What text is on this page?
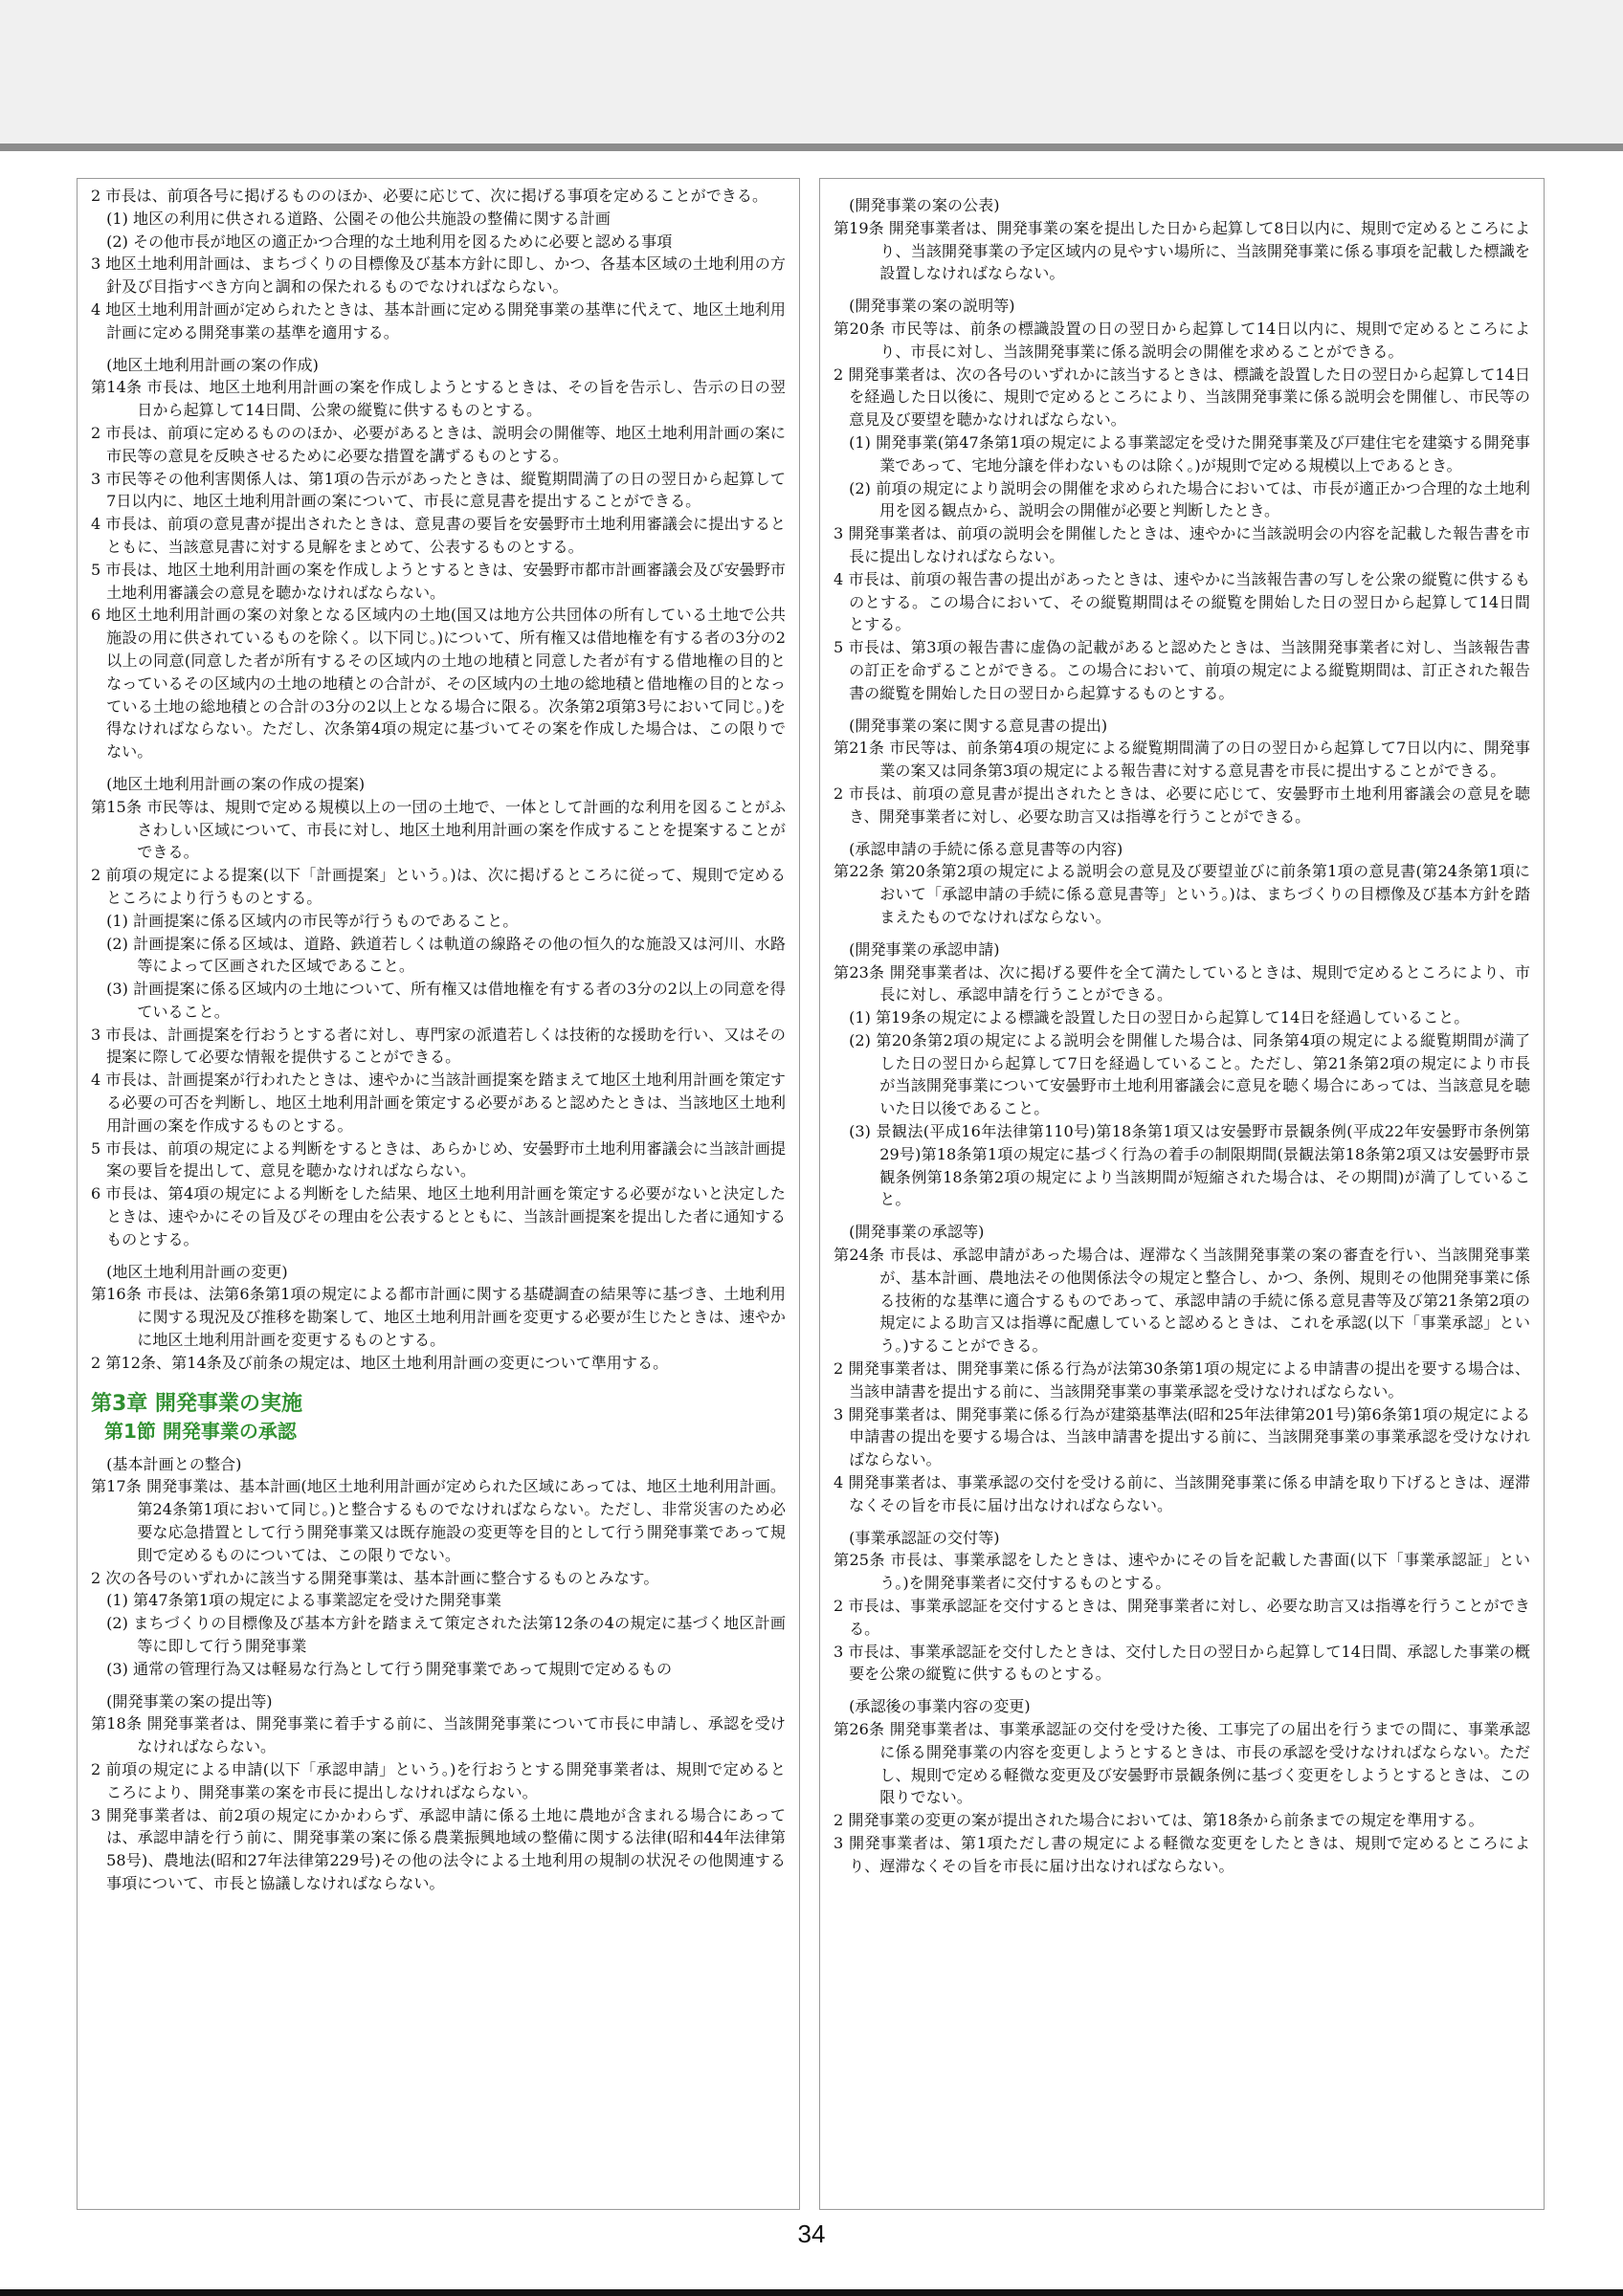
2 市長は、前項各号に掲げるもののほか、必要に応じて、次に掲げる事項を定めることができる。
(1) 地区の利用に供される道路、公園その他公共施設の整備に関する計画
(2) その他市長が地区の適正かつ合理的な土地利用を図るために必要と認める事項
3 地区土地利用計画は、まちづくりの目標像及び基本方針に即し、かつ、各基本区域の土地利用の方針及び目指すべき方向と調和の保たれるものでなければならない。
4 地区土地利用計画が定められたときは、基本計画に定める開発事業の基準に代えて、地区土地利用計画に定める開発事業の基準を適用する。
(地区土地利用計画の案の作成)
第14条 市長は、地区土地利用計画の案を作成しようとするときは、その旨を告示し、告示の日の翌日から起算して14日間、公衆の縦覧に供するものとする。
2 市長は、前項に定めるもののほか、必要があるときは、説明会の開催等、地区土地利用計画の案に市民等の意見を反映させるために必要な措置を講ずるものとする。
3 市民等その他利害関係人は、第1項の告示があったときは、縦覧期間満了の日の翌日から起算して7日以内に、地区土地利用計画の案について、市長に意見書を提出することができる。
4 市長は、前項の意見書が提出されたときは、意見書の要旨を安曇野市土地利用審議会に提出するとともに、当該意見書に対する見解をまとめて、公表するものとする。
5 市長は、地区土地利用計画の案を作成しようとするときは、安曇野市都市計画審議会及び安曇野市土地利用審議会の意見を聴かなければならない。
6 地区土地利用計画の案の対象となる区域内の土地(国又は地方公共団体の所有している土地で公共施設の用に供されているものを除く。以下同じ。)について、所有権又は借地権を有する者の3分の2以上の同意(同意した者が所有するその区域内の土地の地積と同意した者が有する借地権の目的となっているその区域内の土地の地積との合計が、その区域内の土地の総地積と借地権の目的となっている土地の総地積との合計の3分の2以上となる場合に限る。次条第2項第3号において同じ。)を得なければならない。ただし、次条第4項の規定に基づいてその案を作成した場合は、この限りでない。
(地区土地利用計画の案の作成の提案)
第15条 市民等は、規則で定める規模以上の一団の土地で、一体として計画的な利用を図ることがふさわしい区域について、市長に対し、地区土地利用計画の案を作成することを提案することができる。
2 前項の規定による提案(以下「計画提案」という。)は、次に掲げるところに従って、規則で定めるところにより行うものとする。
(1) 計画提案に係る区域内の市民等が行うものであること。
(2) 計画提案に係る区域は、道路、鉄道若しくは軌道の線路その他の恒久的な施設又は河川、水路等によって区画された区域であること。
(3) 計画提案に係る区域内の土地について、所有権又は借地権を有する者の3分の2以上の同意を得ていること。
3 市長は、計画提案を行おうとする者に対し、専門家の派遣若しくは技術的な援助を行い、又はその提案に際して必要な情報を提供することができる。
4 市長は、計画提案が行われたときは、速やかに当該計画提案を踏まえて地区土地利用計画を策定する必要の可否を判断し、地区土地利用計画を策定する必要があると認めたときは、当該地区土地利用計画の案を作成するものとする。
5 市長は、前項の規定による判断をするときは、あらかじめ、安曇野市土地利用審議会に当該計画提案の要旨を提出して、意見を聴かなければならない。
6 市長は、第4項の規定による判断をした結果、地区土地利用計画を策定する必要がないと決定したときは、速やかにその旨及びその理由を公表するとともに、当該計画提案を提出した者に通知するものとする。
(地区土地利用計画の変更)
第16条 市長は、法第6条第1項の規定による都市計画に関する基礎調査の結果等に基づき、土地利用に関する現況及び推移を勘案して、地区土地利用計画を変更する必要が生じたときは、速やかに地区土地利用計画を変更するものとする。
2 第12条、第14条及び前条の規定は、地区土地利用計画の変更について準用する。
第3章 開発事業の実施
第1節 開発事業の承認
(基本計画との整合)
第17条 開発事業は、基本計画(地区土地利用計画が定められた区域にあっては、地区土地利用計画。第24条第1項において同じ。)と整合するものでなければならない。ただし、非常災害のため必要な応急措置として行う開発事業又は既存施設の変更等を目的として行う開発事業であって規則で定めるものについては、この限りでない。
2 次の各号のいずれかに該当する開発事業は、基本計画に整合するものとみなす。
(1) 第47条第1項の規定による事業認定を受けた開発事業
(2) まちづくりの目標像及び基本方針を踏まえて策定された法第12条の4の規定に基づく地区計画等に即して行う開発事業
(3) 通常の管理行為又は軽易な行為として行う開発事業であって規則で定めるもの
(開発事業の案の提出等)
第18条 開発事業者は、開発事業に着手する前に、当該開発事業について市長に申請し、承認を受けなければならない。
2 前項の規定による申請(以下「承認申請」という。)を行おうとする開発事業者は、規則で定めるところにより、開発事業の案を市長に提出しなければならない。
3 開発事業者は、前2項の規定にかかわらず、承認申請に係る土地に農地が含まれる場合にあっては、承認申請を行う前に、開発事業の案に係る農業振興地域の整備に関する法律(昭和44年法律第58号)、農地法(昭和27年法律第229号)その他の法令による土地利用の規制の状況その他関連する事項について、市長と協議しなければならない。
(開発事業の案の公表)
第19条 開発事業者は、開発事業の案を提出した日から起算して8日以内に、規則で定めるところにより、当該開発事業の予定区域内の見やすい場所に、当該開発事業に係る事項を記載した標識を設置しなければならない。
(開発事業の案の説明等)
第20条 市民等は、前条の標識設置の日の翌日から起算して14日以内に、規則で定めるところにより、市長に対し、当該開発事業に係る説明会の開催を求めることができる。
2 開発事業者は、次の各号のいずれかに該当するときは、標識を設置した日の翌日から起算して14日を経過した日以後に、規則で定めるところにより、当該開発事業に係る説明会を開催し、市民等の意見及び要望を聴かなければならない。
(1) 開発事業(第47条第1項の規定による事業認定を受けた開発事業及び戸建住宅を建築する開発事業であって、宅地分譲を伴わないものは除く。)が規則で定める規模以上であるとき。
(2) 前項の規定により説明会の開催を求められた場合においては、市長が適正かつ合理的な土地利用を図る観点から、説明会の開催が必要と判断したとき。
3 開発事業者は、前項の説明会を開催したときは、速やかに当該説明会の内容を記載した報告書を市長に提出しなければならない。
4 市長は、前項の報告書の提出があったときは、速やかに当該報告書の写しを公衆の縦覧に供するものとする。この場合において、その縦覧期間はその縦覧を開始した日の翌日から起算して14日間とする。
5 市長は、第3項の報告書に虚偽の記載があると認めたときは、当該開発事業者に対し、当該報告書の訂正を命ずることができる。この場合において、前項の規定による縦覧期間は、訂正された報告書の縦覧を開始した日の翌日から起算するものとする。
(開発事業の案に関する意見書の提出)
第21条 市民等は、前条第4項の規定による縦覧期間満了の日の翌日から起算して7日以内に、開発事業の案又は同条第3項の規定による報告書に対する意見書を市長に提出することができる。
2 市長は、前項の意見書が提出されたときは、必要に応じて、安曇野市土地利用審議会の意見を聴き、開発事業者に対し、必要な助言又は指導を行うことができる。
(承認申請の手続に係る意見書等の内容)
第22条 第20条第2項の規定による説明会の意見及び要望並びに前条第1項の意見書(第24条第1項において「承認申請の手続に係る意見書等」という。)は、まちづくりの目標像及び基本方針を踏まえたものでなければならない。
(開発事業の承認申請)
第23条 開発事業者は、次に掲げる要件を全て満たしているときは、規則で定めるところにより、市長に対し、承認申請を行うことができる。
(1) 第19条の規定による標識を設置した日の翌日から起算して14日を経過していること。
(2) 第20条第2項の規定による説明会を開催した場合は、同条第4項の規定による縦覧期間が満了した日の翌日から起算して7日を経過していること。ただし、第21条第2項の規定により市長が当該開発事業について安曇野市土地利用審議会に意見を聴く場合にあっては、当該意見を聴いた日以後であること。
(3) 景観法(平成16年法律第110号)第18条第1項又は安曇野市景観条例(平成22年安曇野市条例第29号)第18条第1項の規定に基づく行為の着手の制限期間(景観法第18条第2項又は安曇野市景観条例第18条第2項の規定により当該期間が短縮された場合は、その期間)が満了していること。
(開発事業の承認等)
第24条 市長は、承認申請があった場合は、遅滞なく当該開発事業の案の審査を行い、当該開発事業が、基本計画、農地法その他関係法令の規定と整合し、かつ、条例、規則その他開発事業に係る技術的な基準に適合するものであって、承認申請の手続に係る意見書等及び第21条第2項の規定による助言又は指導に配慮していると認めるときは、これを承認(以下「事業承認」という。)することができる。
2 開発事業者は、開発事業に係る行為が法第30条第1項の規定による申請書の提出を要する場合は、当該申請書を提出する前に、当該開発事業の事業承認を受けなければならない。
3 開発事業者は、開発事業に係る行為が建築基準法(昭和25年法律第201号)第6条第1項の規定による申請書の提出を要する場合は、当該申請書を提出する前に、当該開発事業の事業承認を受けなければならない。
4 開発事業者は、事業承認の交付を受ける前に、当該開発事業に係る申請を取り下げるときは、遅滞なくその旨を市長に届け出なければならない。
(事業承認証の交付等)
第25条 市長は、事業承認をしたときは、速やかにその旨を記載した書面(以下「事業承認証」という。)を開発事業者に交付するものとする。
2 市長は、事業承認証を交付するときは、開発事業者に対し、必要な助言又は指導を行うことができる。
3 市長は、事業承認証を交付したときは、交付した日の翌日から起算して14日間、承認した事業の概要を公衆の縦覧に供するものとする。
(承認後の事業内容の変更)
第26条 開発事業者は、事業承認証の交付を受けた後、工事完了の届出を行うまでの間に、事業承認に係る開発事業の内容を変更しようとするときは、市長の承認を受けなければならない。ただし、規則で定める軽微な変更及び安曇野市景観条例に基づく変更をしようとするときは、この限りでない。
2 開発事業の変更の案が提出された場合においては、第18条から前条までの規定を準用する。
3 開発事業者は、第1項ただし書の規定による軽微な変更をしたときは、規則で定めるところにより、遅滞なくその旨を市長に届け出なければならない。
34
